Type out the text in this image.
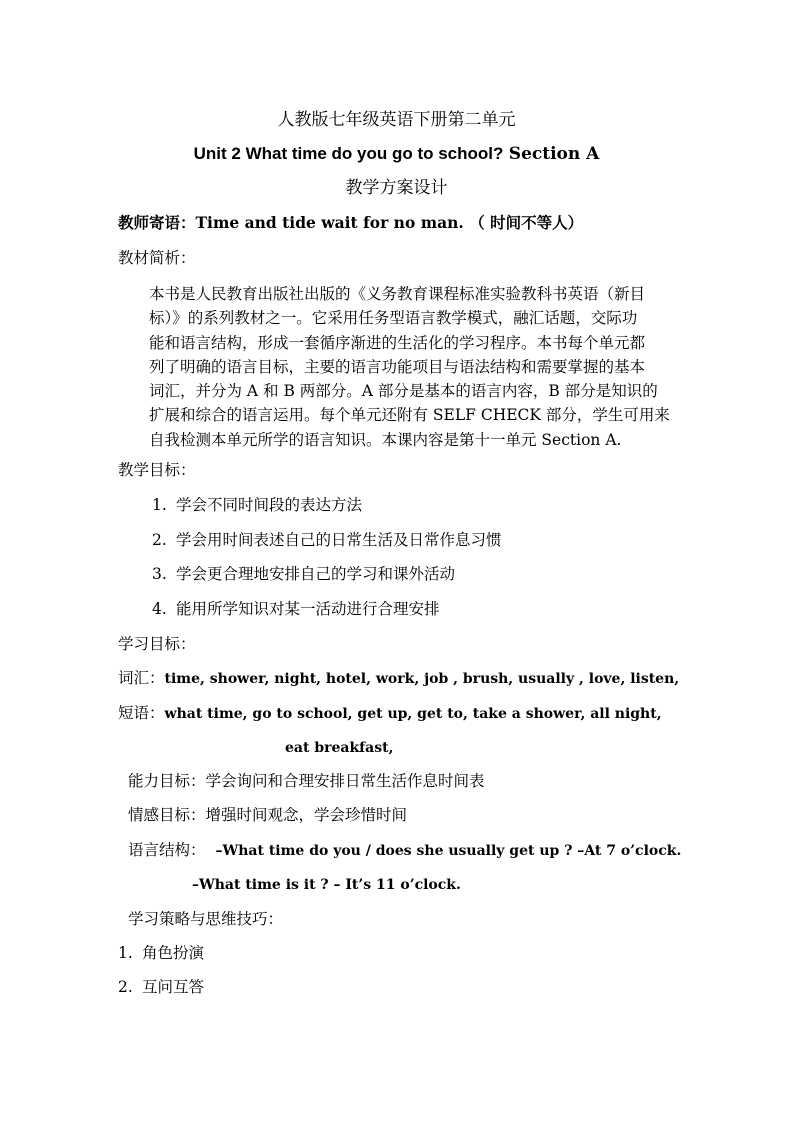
人教版七年级英语下册第二单元
Unit 2 What time do you go to school? Section A
教学方案设计
教师寄语：Time and tide wait for no man. （ 时间不等人）
教材简析：

本书是人民教育出版社出版的《义务教育课程标准实验教科书英语（新目

标）》的系列教材之一。它采用任务型语言教学模式，融汇话题，交际功

能和语言结构，形成一套循序渐进的生活化的学习程序。本书每个单元都

列了明确的语言目标，主要的语言功能项目与语法结构和需要掌握的基本

词汇，并分为 A 和 B 两部分。A 部分是基本的语言内容，B 部分是知识的

扩展和综合的语言运用。每个单元还附有 SELF CHECK 部分，学生可用来

自我检测本单元所学的语言知识。本课内容是第十一单元 Section A.

教学目标：
1. 学会不同时间段的表达方法
2. 学会用时间表述自己的日常生活及日常作息习惯
3. 学会更合理地安排自己的学习和课外活动
4. 能用所学知识对某一活动进行合理安排
学习目标：
词汇：time, shower, night, hotel, work, job , brush, usually , love, listen,
短语：what time, go to school, get up, get to, take a shower, all night,
eat breakfast,
能力目标：学会询问和合理安排日常生活作息时间表
情感目标：增强时间观念，学会珍惜时间
语言结构： –What time do you / does she usually get up ? –At 7 o’clock.
–What time is it ? – It’s 11 o’clock.
学习策略与思维技巧：
1. 角色扮演
2. 互问互答
